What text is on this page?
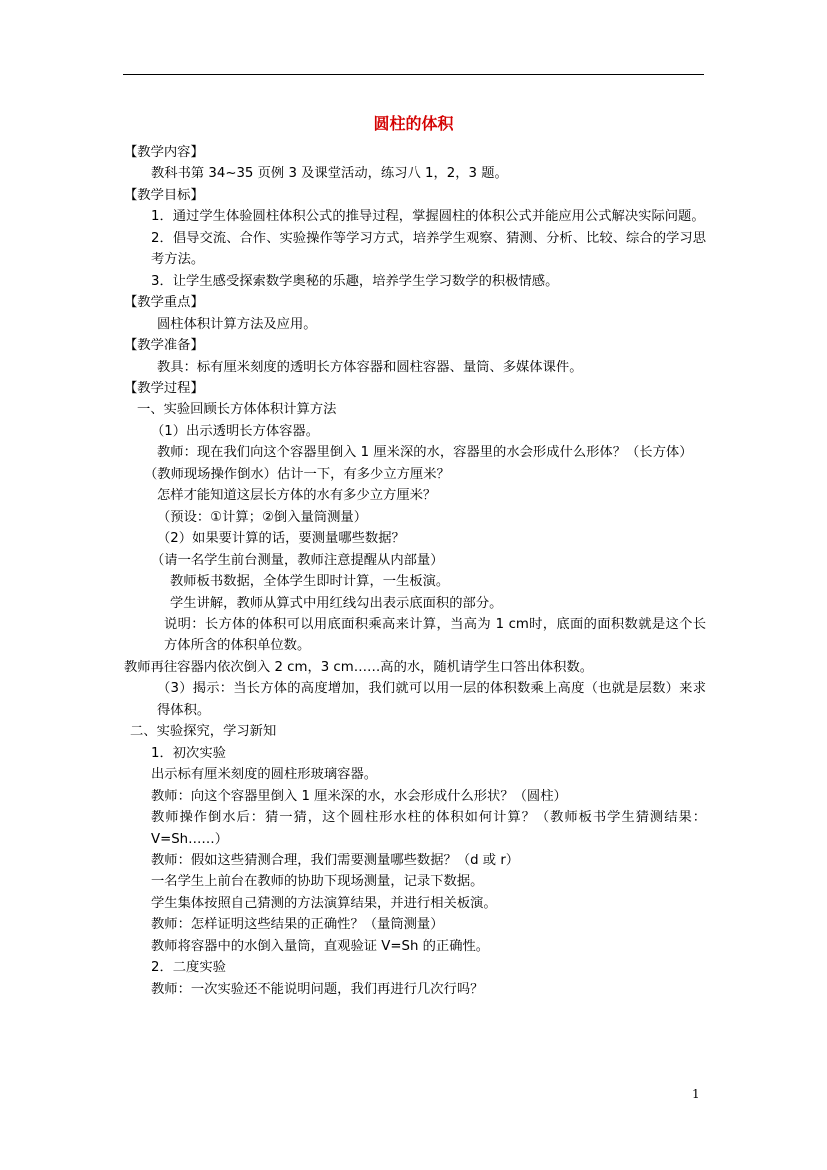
圆柱的体积

【教学内容】

教科书第 34~35 页例 3 及课堂活动，练习八 1，2，3 题。

【教学目标】

1．通过学生体验圆柱体积公式的推导过程，掌握圆柱的体积公式并能应用公式解决实际问题。

2．倡导交流、合作、实验操作等学习方式，培养学生观察、猜测、分析、比较、综合的学习思考方法。

3．让学生感受探索数学奥秘的乐趣，培养学生学习数学的积极情感。

【教学重点】

圆柱体积计算方法及应用。

【教学准备】

教具：标有厘米刻度的透明长方体容器和圆柱容器、量筒、多媒体课件。

【教学过程】

一、实验回顾长方体体积计算方法

（1）出示透明长方体容器。

教师：现在我们向这个容器里倒入 1 厘米深的水，容器里的水会形成什么形体？（长方体）

（教师现场操作倒水）估计一下，有多少立方厘米？

怎样才能知道这层长方体的水有多少立方厘米？

（预设：①计算；②倒入量筒测量）

（2）如果要计算的话，要测量哪些数据？

（请一名学生前台测量，教师注意提醒从内部量）

教师板书数据，全体学生即时计算，一生板演。

学生讲解，教师从算式中用红线勾出表示底面积的部分。

说明：长方体的体积可以用底面积乘高来计算，当高为 1 cm时，底面的面积数就是这个长方体所含的体积单位数。

教师再往容器内依次倒入 2 cm，3 cm……高的水，随机请学生口答出体积数。

（3）揭示：当长方体的高度增加，我们就可以用一层的体积数乘上高度（也就是层数）来求得体积。

二、实验探究，学习新知

1．初次实验

出示标有厘米刻度的圆柱形玻璃容器。

教师：向这个容器里倒入 1 厘米深的水，水会形成什么形状？（圆柱）

教师操作倒水后：猜一猜，这个圆柱形水柱的体积如何计算？（教师板书学生猜测结果：V=Sh……）

教师：假如这些猜测合理，我们需要测量哪些数据？（d 或 r）

一名学生上前台在教师的协助下现场测量，记录下数据。

学生集体按照自己猜测的方法演算结果，并进行相关板演。

教师：怎样证明这些结果的正确性？（量筒测量）

教师将容器中的水倒入量筒，直观验证 V=Sh 的正确性。

2．二度实验

教师：一次实验还不能说明问题，我们再进行几次行吗？

1
